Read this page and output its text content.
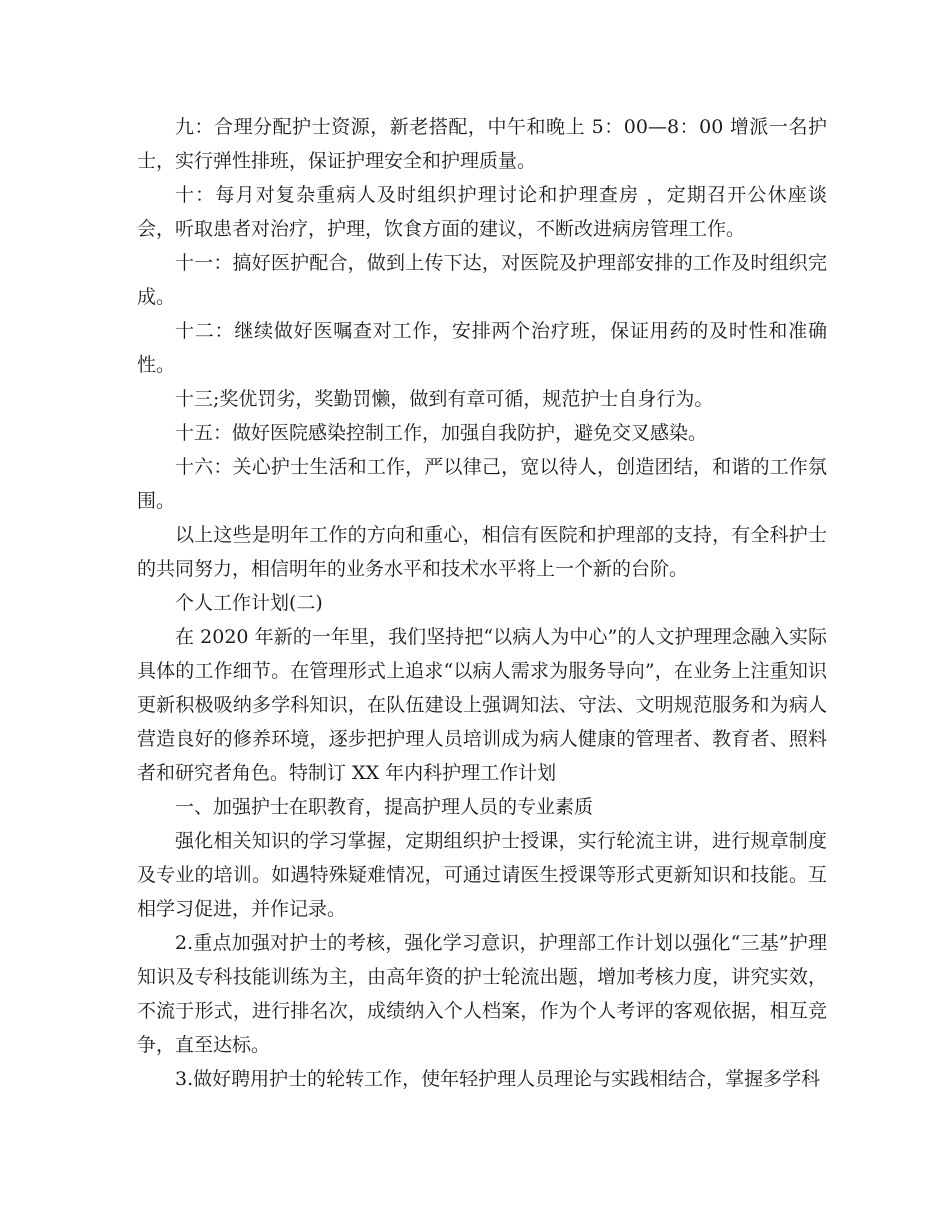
九：合理分配护士资源，新老搭配，中午和晚上 5：00—8：00 增派一名护士，实行弹性排班，保证护理安全和护理质量。

十：每月对复杂重病人及时组织护理讨论和护理查房 ，定期召开公休座谈会，听取患者对治疗，护理，饮食方面的建议，不断改进病房管理工作。

十一：搞好医护配合，做到上传下达，对医院及护理部安排的工作及时组织完成。

十二：继续做好医嘱查对工作，安排两个治疗班，保证用药的及时性和准确性。

十三;奖优罚劣，奖勤罚懒，做到有章可循，规范护士自身行为。

十五：做好医院感染控制工作，加强自我防护，避免交叉感染。

十六：关心护士生活和工作，严以律己，宽以待人，创造团结，和谐的工作氛围。

以上这些是明年工作的方向和重心，相信有医院和护理部的支持，有全科护士的共同努力，相信明年的业务水平和技术水平将上一个新的台阶。

个人工作计划(二)

在 2020 年新的一年里，我们坚持把“以病人为中心”的人文护理理念融入实际具体的工作细节。在管理形式上追求“以病人需求为服务导向”，在业务上注重知识更新积极吸纳多学科知识，在队伍建设上强调知法、守法、文明规范服务和为病人营造良好的修养环境，逐步把护理人员培训成为病人健康的管理者、教育者、照料者和研究者角色。特制订 XX 年内科护理工作计划

一、加强护士在职教育，提高护理人员的专业素质

强化相关知识的学习掌握，定期组织护士授课，实行轮流主讲，进行规章制度及专业的培训。如遇特殊疑难情况，可通过请医生授课等形式更新知识和技能。互相学习促进，并作记录。

2.重点加强对护士的考核，强化学习意识，护理部工作计划以强化“三基”护理知识及专科技能训练为主，由高年资的护士轮流出题，增加考核力度，讲究实效，不流于形式，进行排名次，成绩纳入个人档案，作为个人考评的客观依据，相互竞争，直至达标。

3.做好聘用护士的轮转工作，使年轻护理人员理论与实践相结合，掌握多学科
